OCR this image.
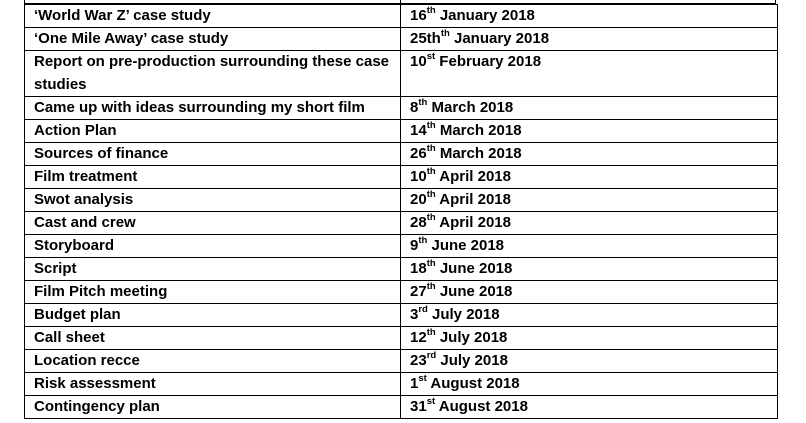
‘World War Z’ case study	16th January 2018
‘One Mile Away’ case study	$25th^{th}$ January 2018
Report on pre-production surrounding these case studies	10st February 2018
Came up with ideas surrounding my short film	8th March 2018
Action Plan	14th March 2018
Sources of finance	26th March 2018
Film treatment	10th April 2018
Swot analysis	20th April 2018
Cast and crew	28th April 2018
Storyboard	9th June 2018
Script	18th June 2018
Film Pitch meeting	27th June 2018
Budget plan	3rd July 2018
Call sheet	12th July 2018
Location recce	23rd July 2018
Risk assessment	1st August 2018
Contingency plan	31st August 2018
